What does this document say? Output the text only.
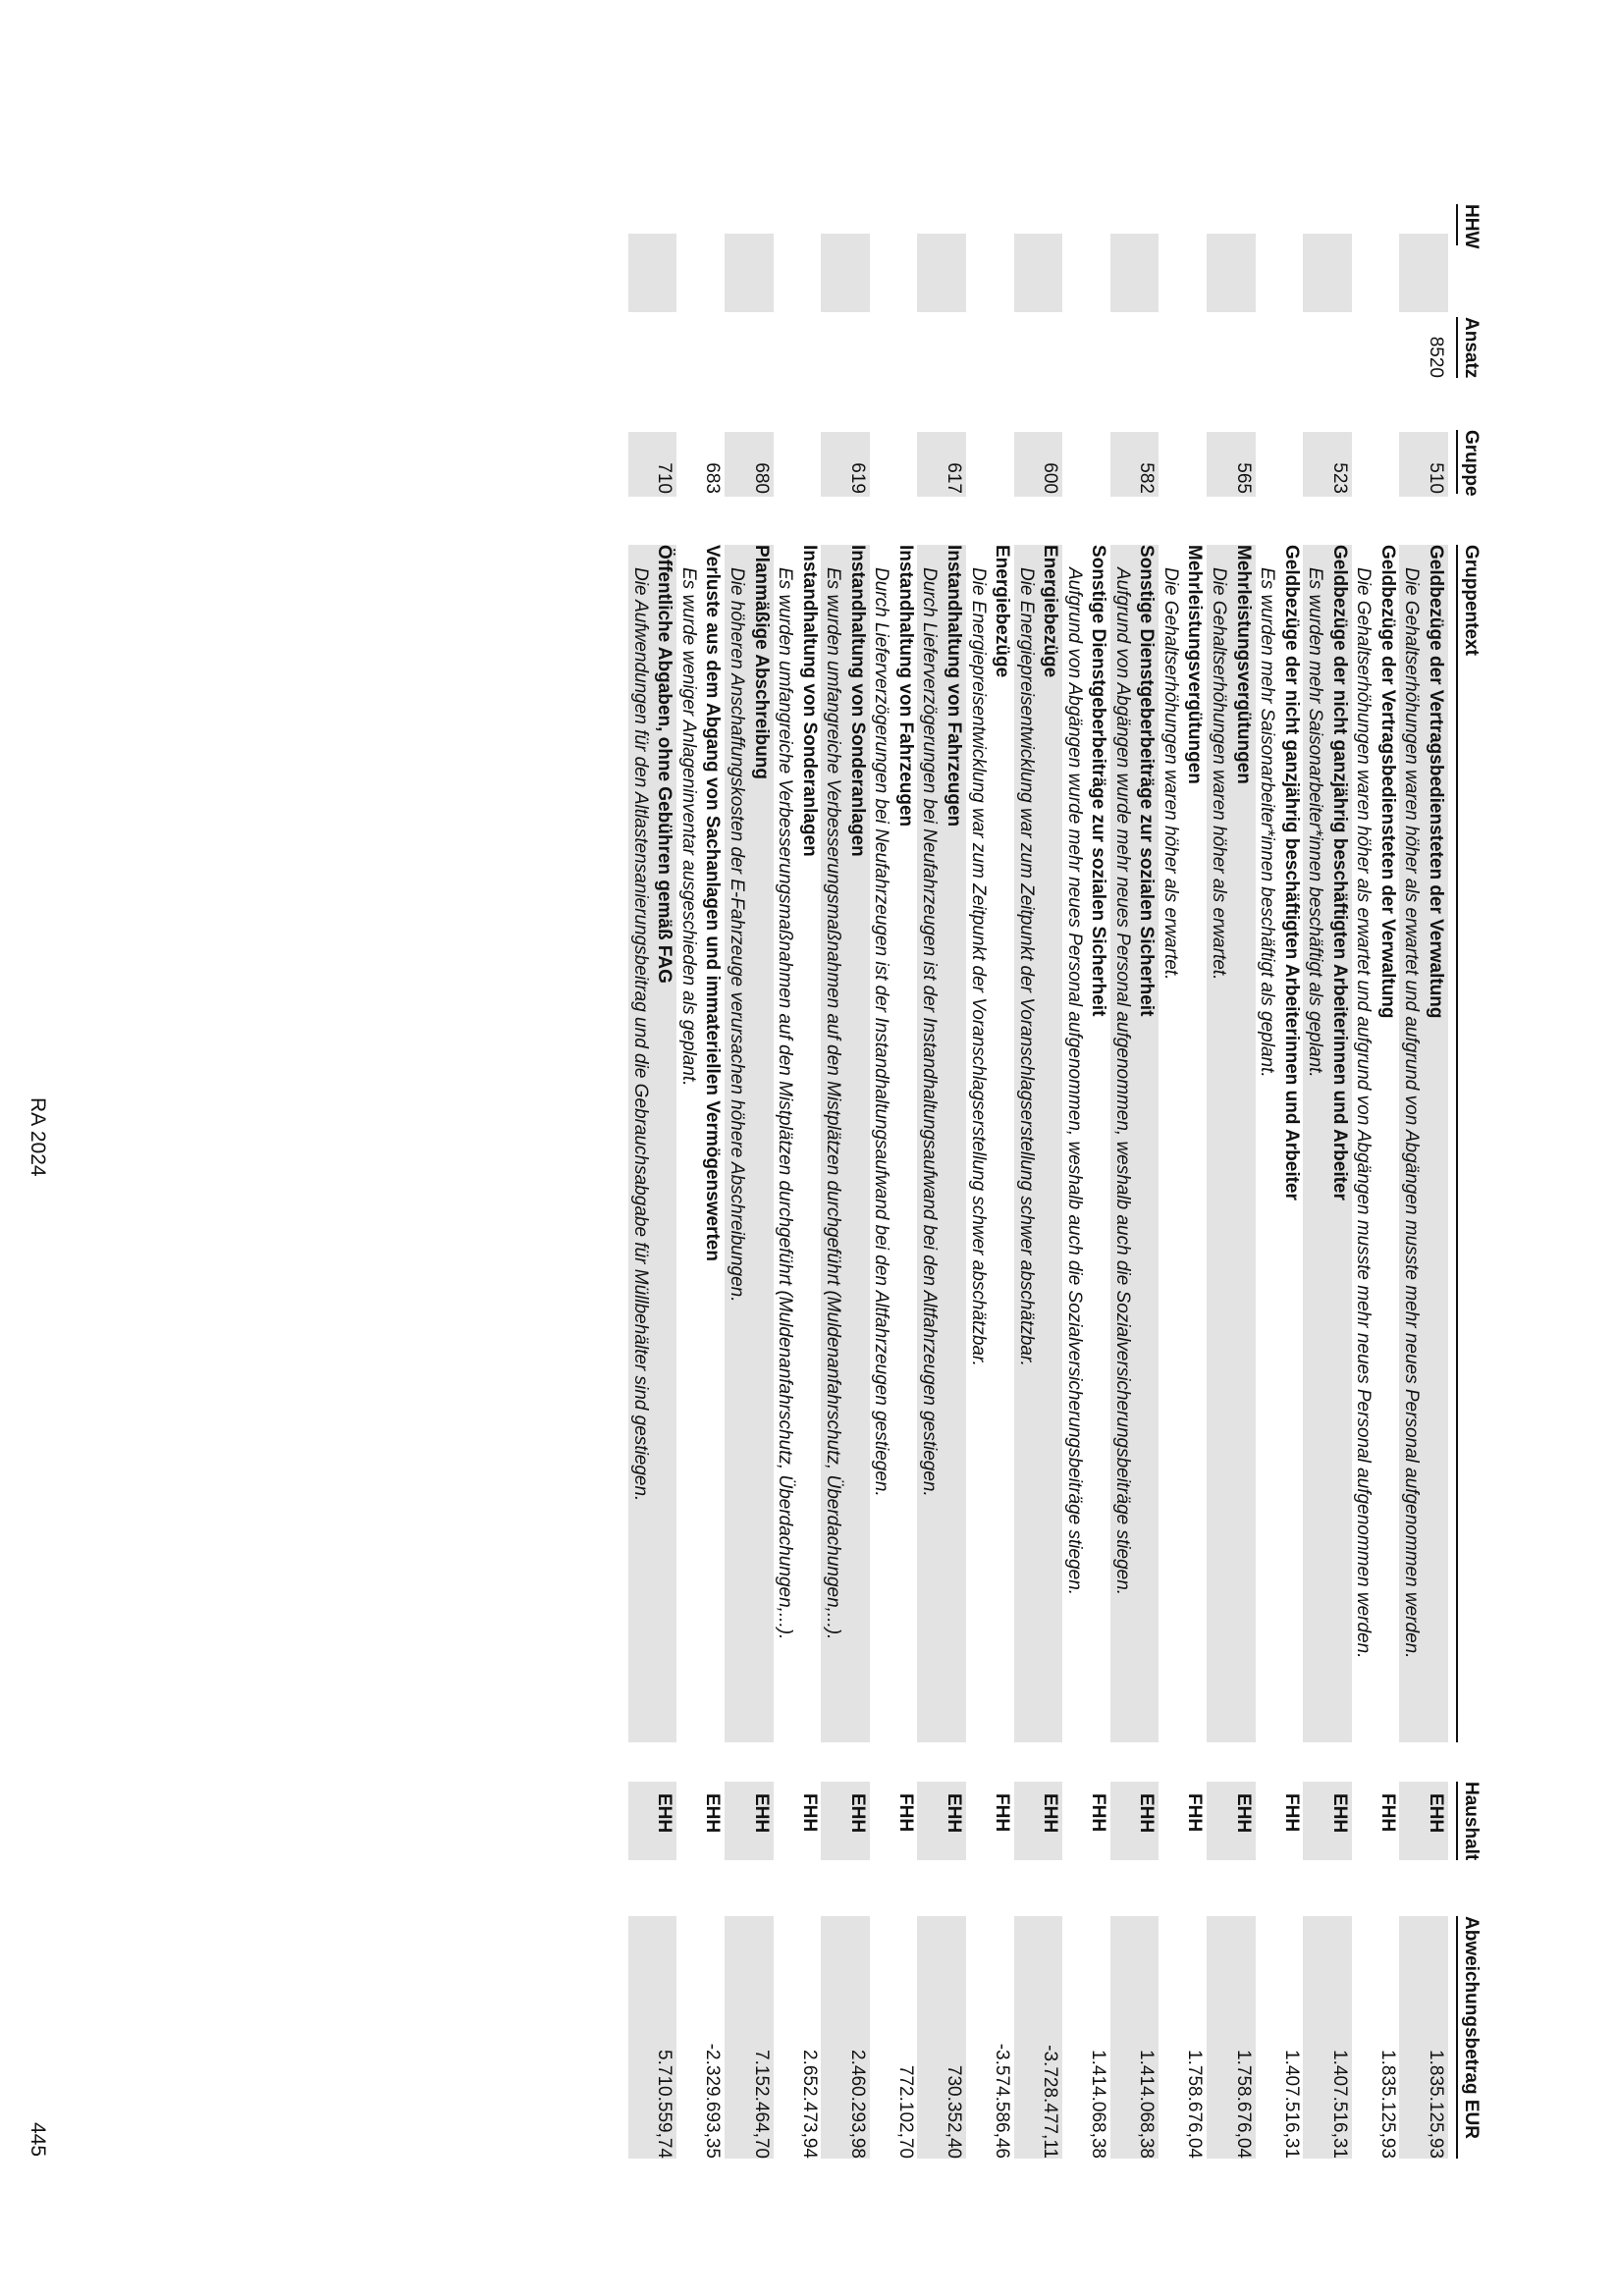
HHW
Ansatz
Gruppe
Gruppentext
Haushalt
Abweichungsbetrag EUR
8520
510
Geldbezüge der Vertragsbediensteten der Verwaltung
EHH
1.835.125,93
Die Gehaltserhöhungen waren höher als erwartet und aufgrund von Abgängen musste mehr neues Personal aufgenommen werden.
Geldbezüge der Vertragsbediensteten der Verwaltung
FHH
1.835.125,93
Die Gehaltserhöhungen waren höher als erwartet und aufgrund von Abgängen musste mehr neues Personal aufgenommen werden.
523
Geldbezüge der nicht ganzjährig beschäftigten Arbeiterinnen und Arbeiter
EHH
1.407.516,31
Es wurden mehr Saisonarbeiter*innen beschäftigt als geplant.
Geldbezüge der nicht ganzjährig beschäftigten Arbeiterinnen und Arbeiter
FHH
1.407.516,31
Es wurden mehr Saisonarbeiter*innen beschäftigt als geplant.
565
Mehrleistungsvergütungen
EHH
1.758.676,04
Die Gehaltserhöhungen waren höher als erwartet.
Mehrleistungsvergütungen
FHH
1.758.676,04
Die Gehaltserhöhungen waren höher als erwartet.
582
Sonstige Dienstgeberbeiträge zur sozialen Sicherheit
EHH
1.414.068,38
Aufgrund von Abgängen wurde mehr neues Personal aufgenommen, weshalb auch die Sozialversicherungsbeiträge stiegen.
Sonstige Dienstgeberbeiträge zur sozialen Sicherheit
FHH
1.414.068,38
Aufgrund von Abgängen wurde mehr neues Personal aufgenommen, weshalb auch die Sozialversicherungsbeiträge stiegen.
600
Energiebezüge
EHH
-3.728.477,11
Die Energiepreisentwicklung war zum Zeitpunkt der Voranschlagserstellung schwer abschätzbar.
Energiebezüge
FHH
-3.574.586,46
Die Energiepreisentwicklung war zum Zeitpunkt der Voranschlagserstellung schwer abschätzbar.
617
Instandhaltung von Fahrzeugen
EHH
730.352,40
Durch Lieferverzögerungen bei Neufahrzeugen ist der Instandhaltungsaufwand bei den Altfahrzeugen gestiegen.
Instandhaltung von Fahrzeugen
FHH
772.102,70
Durch Lieferverzögerungen bei Neufahrzeugen ist der Instandhaltungsaufwand bei den Altfahrzeugen gestiegen.
619
Instandhaltung von Sonderanlagen
EHH
2.460.293,98
Es wurden umfangreiche Verbesserungsmaßnahmen auf den Mistplätzen durchgeführt (Muldenanfahrschutz, Überdachungen,...).
Instandhaltung von Sonderanlagen
FHH
2.652.473,94
Es wurden umfangreiche Verbesserungsmaßnahmen auf den Mistplätzen durchgeführt (Muldenanfahrschutz, Überdachungen,...).
680
Planmäßige Abschreibung
EHH
7.152.464,70
Die höheren Anschaffungskosten der E-Fahrzeuge verursachen höhere Abschreibungen.
683
Verluste aus dem Abgang von Sachanlagen und immateriellen Vermögenswerten
EHH
-2.329.693,35
Es wurde weniger Anlageninventar ausgeschieden als geplant.
710
Öffentliche Abgaben, ohne Gebühren gemäß FAG
EHH
5.710.559,74
Die Aufwendungen für den Altlastensanierungsbeitrag und die Gebrauchsabgabe für Müllbehälter sind gestiegen.
RA 2024
445
